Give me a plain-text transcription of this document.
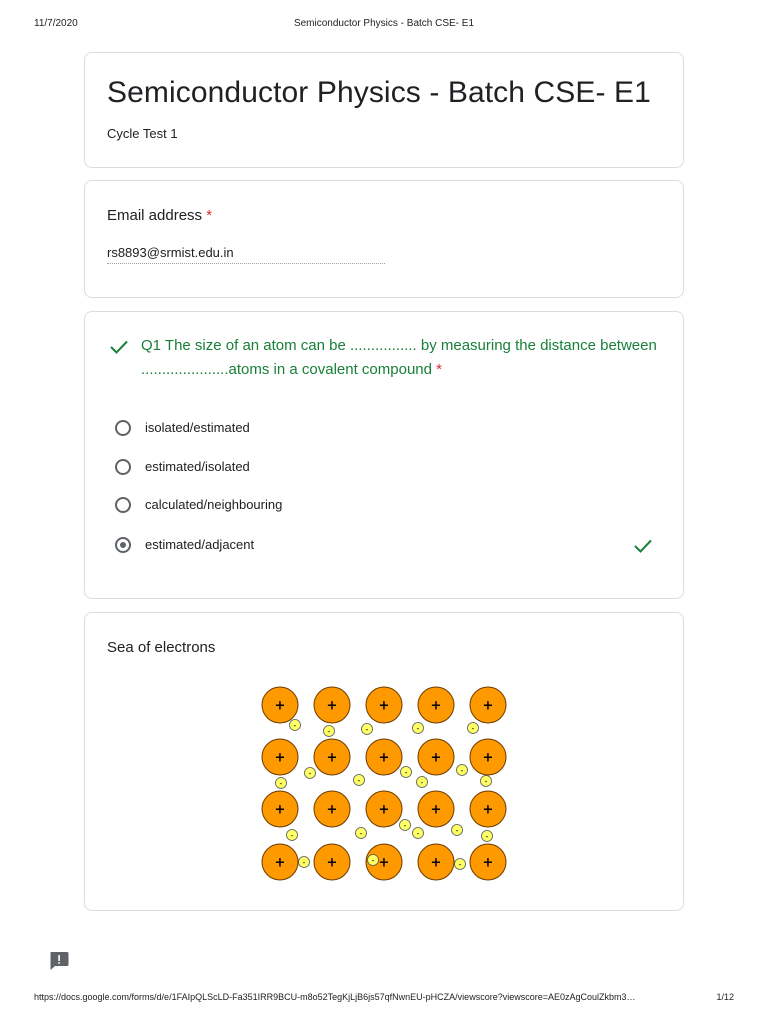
11/7/2020	Semiconductor Physics - Batch CSE- E1
Semiconductor Physics - Batch CSE- E1
Cycle Test 1
Email address *
rs8893@srmist.edu.in
Q1 The size of an atom can be ................ by measuring the distance between .....................atoms in a covalent compound *
isolated/estimated
estimated/isolated
calculated/neighbouring
estimated/adjacent
Sea of electrons
+	+	+	+	+
+	+	+	+	+
+	+	+	+	+
+	+	+	+	+
-
-	-	-	-
-
-
-
-
-
-
-
-	-
-
-	-
-
-	-
-
https://docs.google.com/forms/d/e/1FAIpQLScLD-Fa351IRR9BCU-m8o52TegKjLjB6js57qfNwnEU-pHCZA/viewscore?viewscore=AE0zAgCoulZkbm3…	1/12
